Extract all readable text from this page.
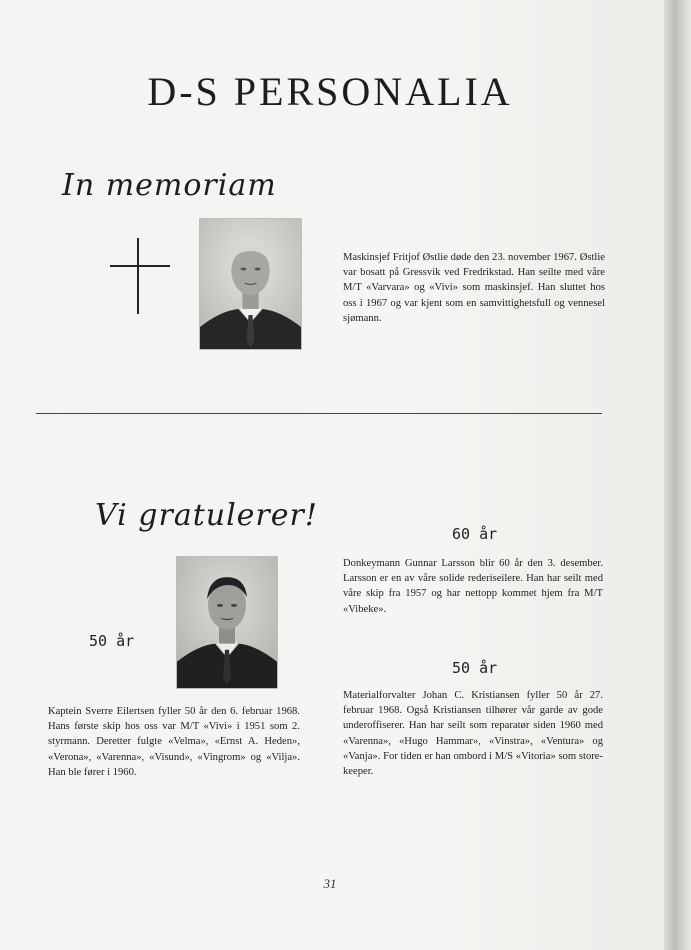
D-S PERSONALIA

In memoriam

Maskinsjef Fritjof Østlie døde den 23. november 1967. Østlie var bosatt på Gressvik ved Fredrikstad. Han seilte med våre M/T «Varvara» og «Vivi» som maskinsjef. Han sluttet hos oss i 1967 og var kjent som en samvittighetsfull og vennesel sjømann.

Vi gratulerer!

60 år

Donkeymann Gunnar Larsson blir 60 år den 3. desember. Larsson er en av våre solide rederiseilere. Han har seilt med våre skip fra 1957 og har nettopp kommet hjem fra M/T «Vibeke».

50 år

50 år

Materialforvalter Johan C. Kristiansen fyller 50 år 27. februar 1968. Også Kristiansen tilhører vår garde av gode underoffiserer. Han har seilt som reparatør siden 1960 med «Varenna», «Hugo Hammar», «Vinstra», «Ventura» og «Vanja». For tiden er han ombord i M/S «Vitoria» som store-keeper.

Kaptein Sverre Eilertsen fyller 50 år den 6. februar 1968. Hans første skip hos oss var M/T «Vivi» i 1951 som 2. styrmann. Deretter fulgte «Velma», «Ernst A. Heden», «Verona», «Varenna», «Visund», «Vingrom» og «Vilja». Han ble fører i 1960.

31
